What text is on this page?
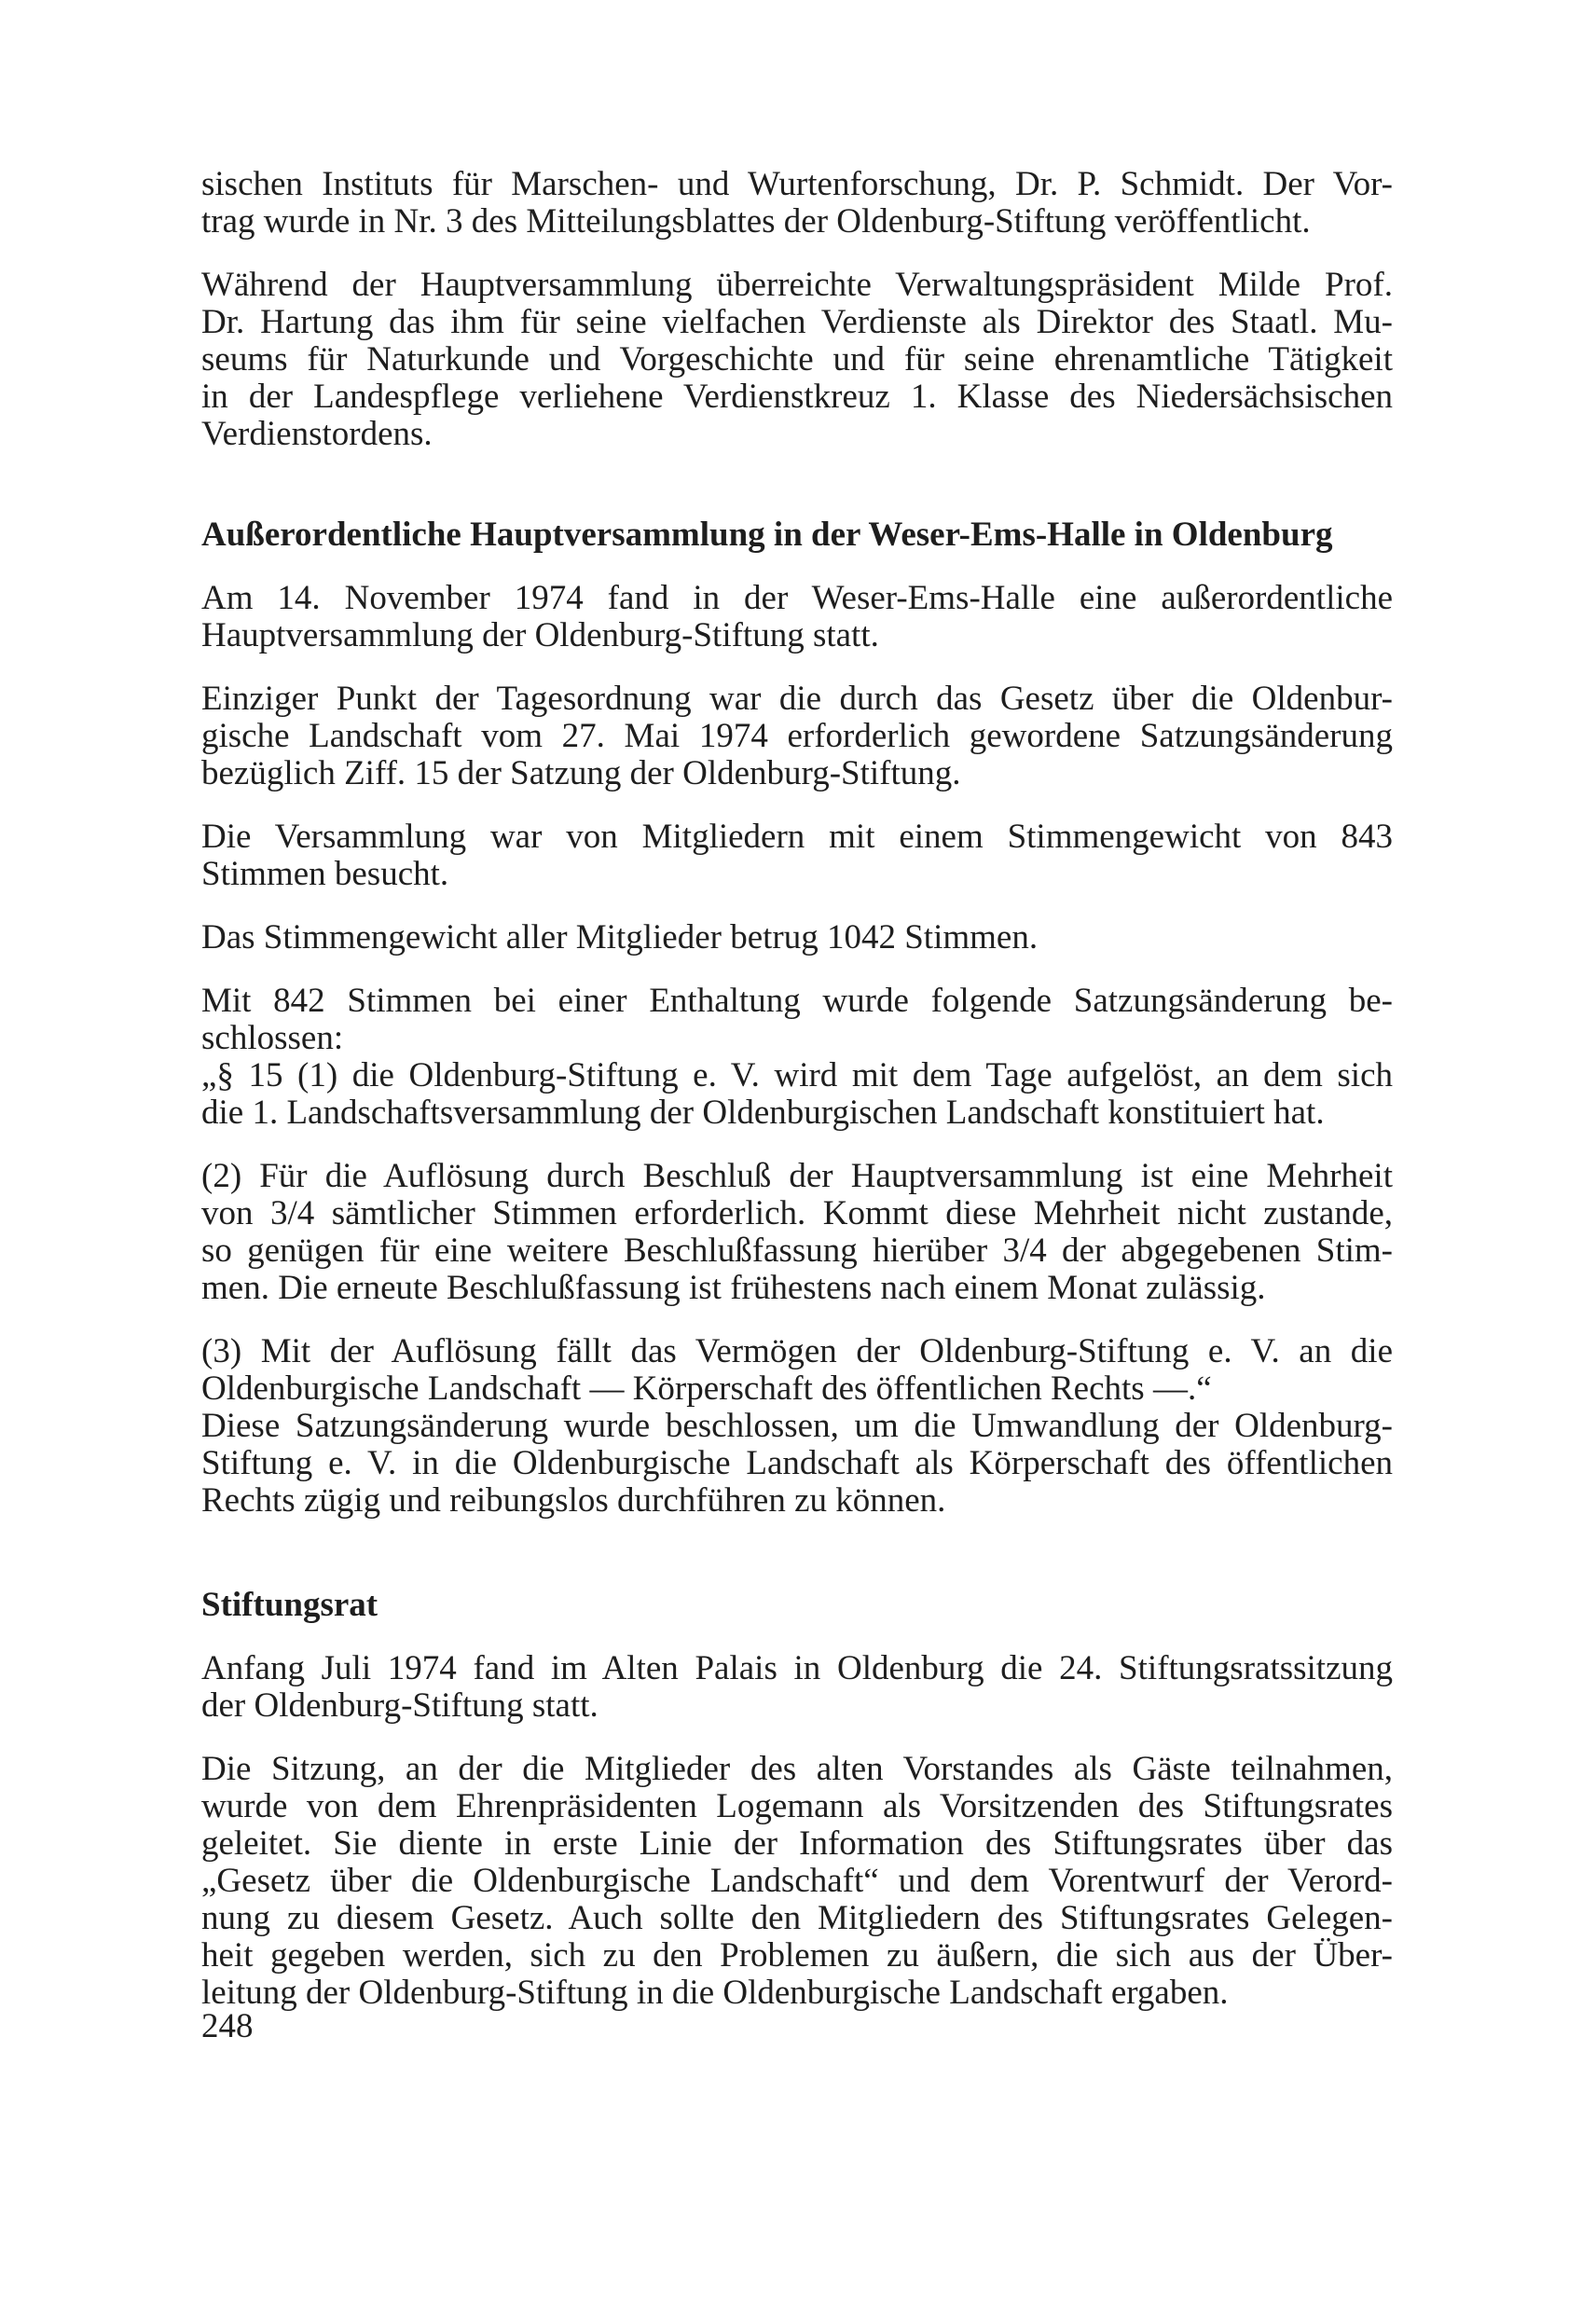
sischen Instituts für Marschen- und Wurtenforschung, Dr. P. Schmidt. Der Vor-
trag wurde in Nr. 3 des Mitteilungsblattes der Oldenburg-Stiftung veröffentlicht.
Während der Hauptversammlung überreichte Verwaltungspräsident Milde Prof.
Dr. Hartung das ihm für seine vielfachen Verdienste als Direktor des Staatl. Mu-
seums für Naturkunde und Vorgeschichte und für seine ehrenamtliche Tätigkeit
in der Landespflege verliehene Verdienstkreuz 1. Klasse des Niedersächsischen
Verdienstordens.
Außerordentliche Hauptversammlung in der Weser-Ems-Halle in Oldenburg
Am 14. November 1974 fand in der Weser-Ems-Halle eine außerordentliche
Hauptversammlung der Oldenburg-Stiftung statt.
Einziger Punkt der Tagesordnung war die durch das Gesetz über die Oldenbur-
gische Landschaft vom 27. Mai 1974 erforderlich gewordene Satzungsänderung
bezüglich Ziff. 15 der Satzung der Oldenburg-Stiftung.
Die Versammlung war von Mitgliedern mit einem Stimmengewicht von 843
Stimmen besucht.
Das Stimmengewicht aller Mitglieder betrug 1042 Stimmen.
Mit 842 Stimmen bei einer Enthaltung wurde folgende Satzungsänderung be-
schlossen:
„§ 15 (1) die Oldenburg-Stiftung e. V. wird mit dem Tage aufgelöst, an dem sich
die 1. Landschaftsversammlung der Oldenburgischen Landschaft konstituiert hat.
(2) Für die Auflösung durch Beschluß der Hauptversammlung ist eine Mehrheit
von 3/4 sämtlicher Stimmen erforderlich. Kommt diese Mehrheit nicht zustande,
so genügen für eine weitere Beschlußfassung hierüber 3/4 der abgegebenen Stim-
men. Die erneute Beschlußfassung ist frühestens nach einem Monat zulässig.
(3) Mit der Auflösung fällt das Vermögen der Oldenburg-Stiftung e. V. an die
Oldenburgische Landschaft — Körperschaft des öffentlichen Rechts —.“
Diese Satzungsänderung wurde beschlossen, um die Umwandlung der Oldenburg-
Stiftung e. V. in die Oldenburgische Landschaft als Körperschaft des öffentlichen
Rechts zügig und reibungslos durchführen zu können.
Stiftungsrat
Anfang Juli 1974 fand im Alten Palais in Oldenburg die 24. Stiftungsratssitzung
der Oldenburg-Stiftung statt.
Die Sitzung, an der die Mitglieder des alten Vorstandes als Gäste teilnahmen,
wurde von dem Ehrenpräsidenten Logemann als Vorsitzenden des Stiftungsrates
geleitet. Sie diente in erste Linie der Information des Stiftungsrates über das
„Gesetz über die Oldenburgische Landschaft“ und dem Vorentwurf der Verord-
nung zu diesem Gesetz. Auch sollte den Mitgliedern des Stiftungsrates Gelegen-
heit gegeben werden, sich zu den Problemen zu äußern, die sich aus der Über-
leitung der Oldenburg-Stiftung in die Oldenburgische Landschaft ergaben.
248
